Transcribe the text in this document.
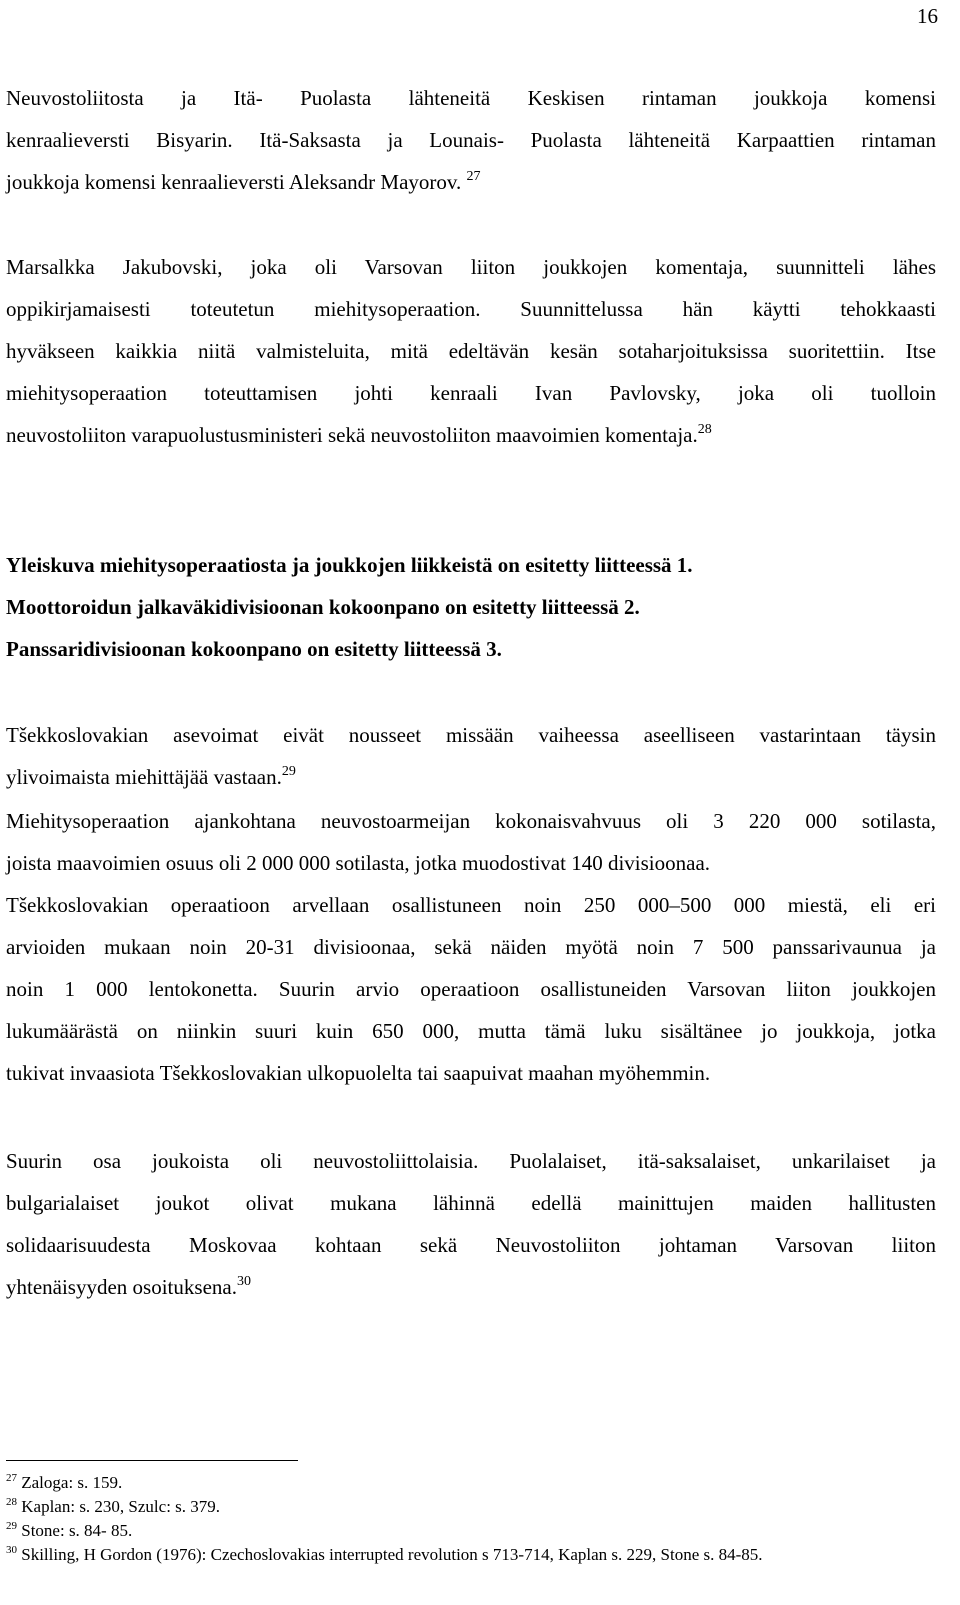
16
Neuvostoliitosta ja Itä- Puolasta lähteneitä Keskisen rintaman joukkoja komensi
kenraalieversti Bisyarin. Itä-Saksasta ja Lounais- Puolasta lähteneitä Karpaattien rintaman
joukkoja komensi kenraalieversti Aleksandr Mayorov. $^{27}$
Marsalkka Jakubovski, joka oli Varsovan liiton joukkojen komentaja, suunnitteli lähes
oppikirjamaisesti toteutetun miehitysoperaation. Suunnittelussa hän käytti tehokkaasti
hyväkseen kaikkia niitä valmisteluita, mitä edeltävän kesän sotaharjoituksissa suoritettiin. Itse
miehitysoperaation toteuttamisen johti kenraali Ivan Pavlovsky, joka oli tuolloin
neuvostoliiton varapuolustusministeri sekä neuvostoliiton maavoimien komentaja.$^{28}$
Yleiskuva miehitysoperaatiosta ja joukkojen liikkeistä on esitetty liitteessä 1.
Moottoroidun jalkaväkidivisioonan kokoonpano on esitetty liitteessä 2.
Panssaridivisioonan kokoonpano on esitetty liitteessä 3.
Tšekkoslovakian asevoimat eivät nousseet missään vaiheessa aseelliseen vastarintaan täysin
ylivoimaista miehittäjää vastaan.$^{29}$
Miehitysoperaation ajankohtana neuvostoarmeijan kokonaisvahvuus oli 3 220 000 sotilasta,
joista maavoimien osuus oli 2 000 000 sotilasta, jotka muodostivat 140 divisioonaa.
Tšekkoslovakian operaatioon arvellaan osallistuneen noin 250 000–500 000 miestä, eli eri
arvioiden mukaan noin 20-31 divisioonaa, sekä näiden myötä noin 7 500 panssarivaunua ja
noin 1 000 lentokonetta. Suurin arvio operaatioon osallistuneiden Varsovan liiton joukkojen
lukumäärästä on niinkin suuri kuin 650 000, mutta tämä luku sisältänee jo joukkoja, jotka
tukivat invaasiota Tšekkoslovakian ulkopuolelta tai saapuivat maahan myöhemmin.
Suurin osa joukoista oli neuvostoliittolaisia. Puolalaiset, itä-saksalaiset, unkarilaiset ja
bulgarialaiset joukot olivat mukana lähinnä edellä mainittujen maiden hallitusten
solidaarisuudesta Moskovaa kohtaan sekä Neuvostoliiton johtaman Varsovan liiton
yhtenäisyyden osoituksena.$^{30}$
$^{27}$ Zaloga: s. 159.
$^{28}$ Kaplan: s. 230, Szulc: s. 379.
$^{29}$ Stone: s. 84- 85.
$^{30}$ Skilling, H Gordon (1976): Czechoslovakias interrupted revolution s 713-714, Kaplan s. 229, Stone s. 84-85.
